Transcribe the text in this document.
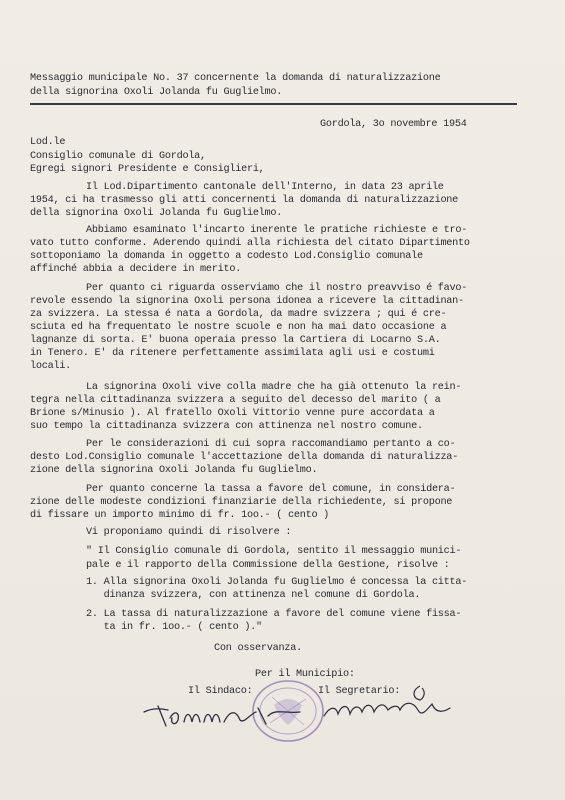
Messaggio municipale No. 37 concernente la domanda di naturalizzazione
della signorina Oxoli Jolanda fu Guglielmo.
Gordola, 3o novembre 1954
Lod.le
Consiglio comunale di Gordola,
Egregi signori Presidente e Consiglieri,
Il Lod.Dipartimento cantonale dell'Interno, in data 23 aprile
1954, ci ha trasmesso gli atti concernenti la domanda di naturalizzazione
della signorina Oxoli Jolanda fu Guglielmo.
Abbiamo esaminato l'incarto inerente le pratiche richieste e tro-
vato tutto conforme. Aderendo quindi alla richiesta del citato Dipartimento
sottoponiamo la domanda in oggetto a codesto Lod.Consiglio comunale
affinché abbia a decidere in merito.
Per quanto ci riguarda osserviamo che il nostro preavviso é favo-
revole essendo la signorina Oxoli persona idonea a ricevere la cittadinan-
za svizzera. La stessa é nata a Gordola, da madre svizzera ; qui é cre-
sciuta ed ha frequentato le nostre scuole e non ha mai dato occasione a
lagnanze di sorta. E' buona operaia presso la Cartiera di Locarno S.A.
in Tenero. E' da ritenere perfettamente assimilata agli usi e costumi
locali.
La signorina Oxoli vive colla madre che ha già ottenuto la rein-
tegra nella cittadinanza svizzera a seguito del decesso del marito ( a
Brione s/Minusio ). Al fratello Oxoli Vittorio venne pure accordata a
suo tempo la cittadinanza svizzera con attinenza nel nostro comune.
Per le considerazioni di cui sopra raccomandiamo pertanto a co-
desto Lod.Consiglio comunale l'accettazione della domanda di naturalizza-
zione della signorina Oxoli Jolanda fu Guglielmo.
Per quanto concerne la tassa a favore del comune, in considera-
zione delle modeste condizioni finanziarie della richiedente, si propone
di fissare un importo minimo di fr. 1oo.- ( cento )
Vi proponiamo quindi di risolvere :
" Il Consiglio comunale di Gordola, sentito il messaggio munici-
pale e il rapporto della Commissione della Gestione, risolve :
1. Alla signorina Oxoli Jolanda fu Guglielmo é concessa la citta-
dinanza svizzera, con attinenza nel comune di Gordola.
2. La tassa di naturalizzazione a favore del comune viene fissa-
ta in fr. 1oo.- ( cento )."
Con osservanza.
Per il Municipio:
Il Sindaco:	Il Segretario:
